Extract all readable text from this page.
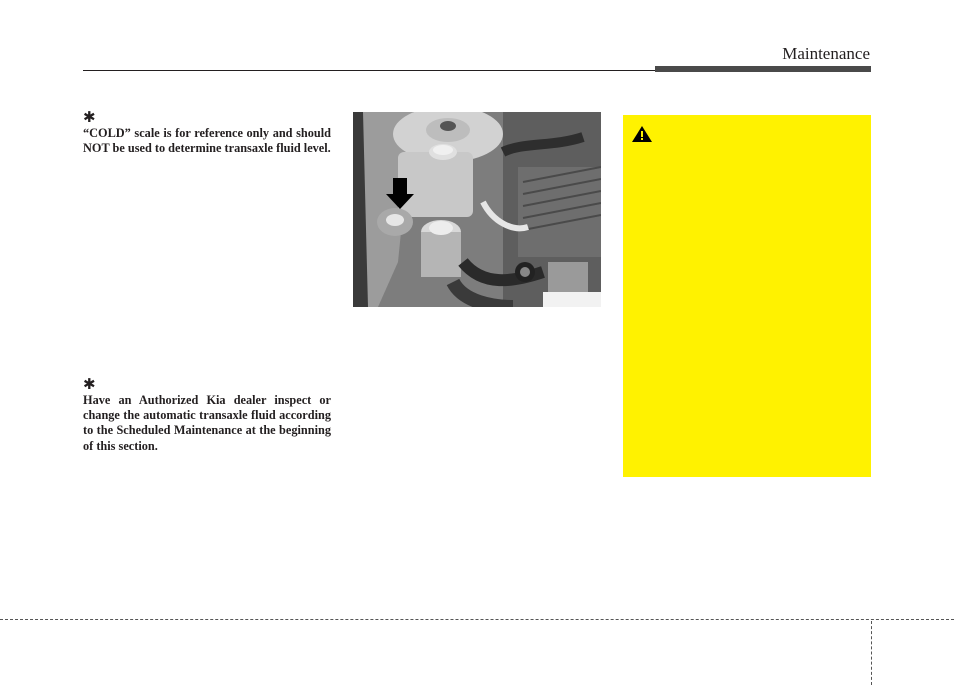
Maintenance
✱
“COLD” scale is for reference only and should NOT be used to determine transaxle fluid level.
✱
Have an Authorized Kia dealer inspect or change the automatic transaxle fluid according to the Scheduled Maintenance at the beginning of this section.
